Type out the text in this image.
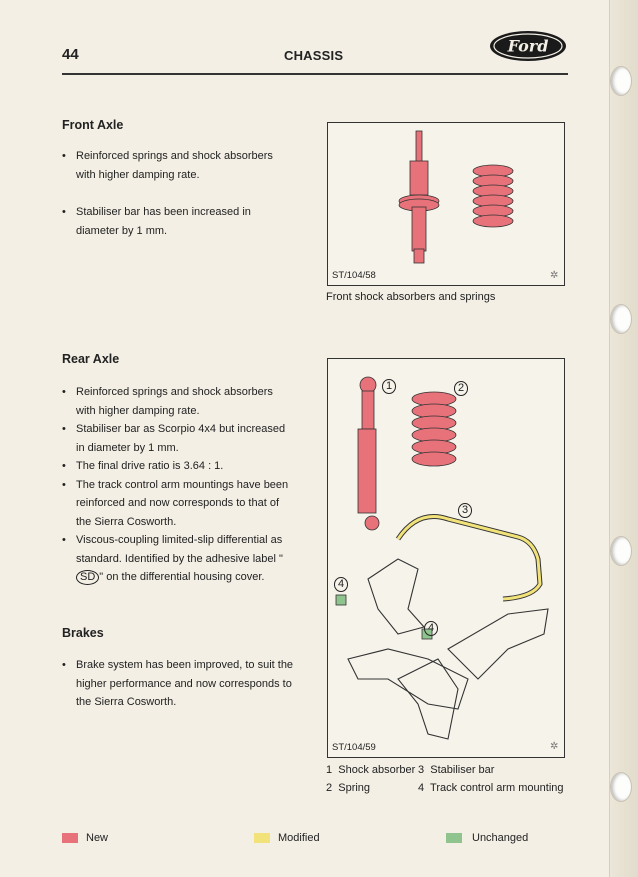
44	CHASSIS	Ford
Front Axle
• Reinforced springs and shock absorbers with higher damping rate.
• Stabiliser bar has been increased in diameter by 1 mm.
✲
ST/104/58
Front shock absorbers and springs
Rear Axle
• Reinforced springs and shock absorbers with higher damping rate.
• Stabiliser bar as Scorpio 4x4 but increased in diameter by 1 mm.
• The final drive ratio is 3.64 : 1.
• The track control arm mountings have been reinforced and now corresponds to that of the Sierra Cosworth.
• Viscous-coupling limited-slip differential as standard. Identified by the adhesive label "SD " on the differential housing cover.
Brakes
• Brake system has been improved, to suit the higher performance and now corresponds to the Sierra Cosworth.
✲
1	2
3
4
4
ST/104/59
1 Shock absorber 3 Stabiliser bar
2 Spring	4 Track control arm mounting
New	Modified	Unchanged
